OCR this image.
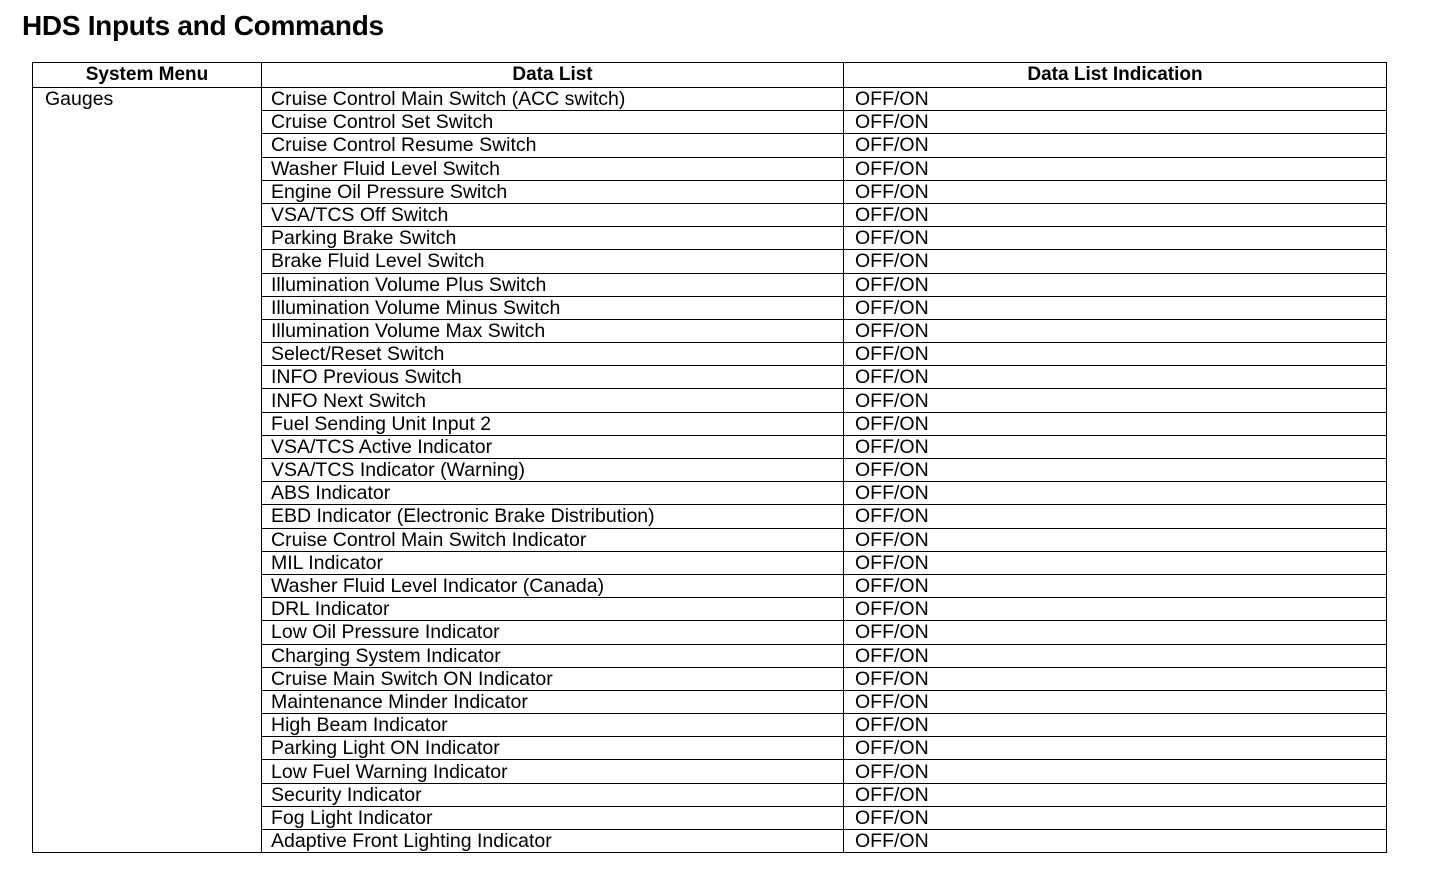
HDS Inputs and Commands
System Menu	Data List	Data List Indication
Gauges	Cruise Control Main Switch (ACC switch)	OFF/ON
	Cruise Control Set Switch	OFF/ON
	Cruise Control Resume Switch	OFF/ON
	Washer Fluid Level Switch	OFF/ON
	Engine Oil Pressure Switch	OFF/ON
	VSA/TCS Off Switch	OFF/ON
	Parking Brake Switch	OFF/ON
	Brake Fluid Level Switch	OFF/ON
	Illumination Volume Plus Switch	OFF/ON
	Illumination Volume Minus Switch	OFF/ON
	Illumination Volume Max Switch	OFF/ON
	Select/Reset Switch	OFF/ON
	INFO Previous Switch	OFF/ON
	INFO Next Switch	OFF/ON
	Fuel Sending Unit Input 2	OFF/ON
	VSA/TCS Active Indicator	OFF/ON
	VSA/TCS Indicator (Warning)	OFF/ON
	ABS Indicator	OFF/ON
	EBD Indicator (Electronic Brake Distribution)	OFF/ON
	Cruise Control Main Switch Indicator	OFF/ON
	MIL Indicator	OFF/ON
	Washer Fluid Level Indicator (Canada)	OFF/ON
	DRL Indicator	OFF/ON
	Low Oil Pressure Indicator	OFF/ON
	Charging System Indicator	OFF/ON
	Cruise Main Switch ON Indicator	OFF/ON
	Maintenance Minder Indicator	OFF/ON
	High Beam Indicator	OFF/ON
	Parking Light ON Indicator	OFF/ON
	Low Fuel Warning Indicator	OFF/ON
	Security Indicator	OFF/ON
	Fog Light Indicator	OFF/ON
	Adaptive Front Lighting Indicator	OFF/ON
